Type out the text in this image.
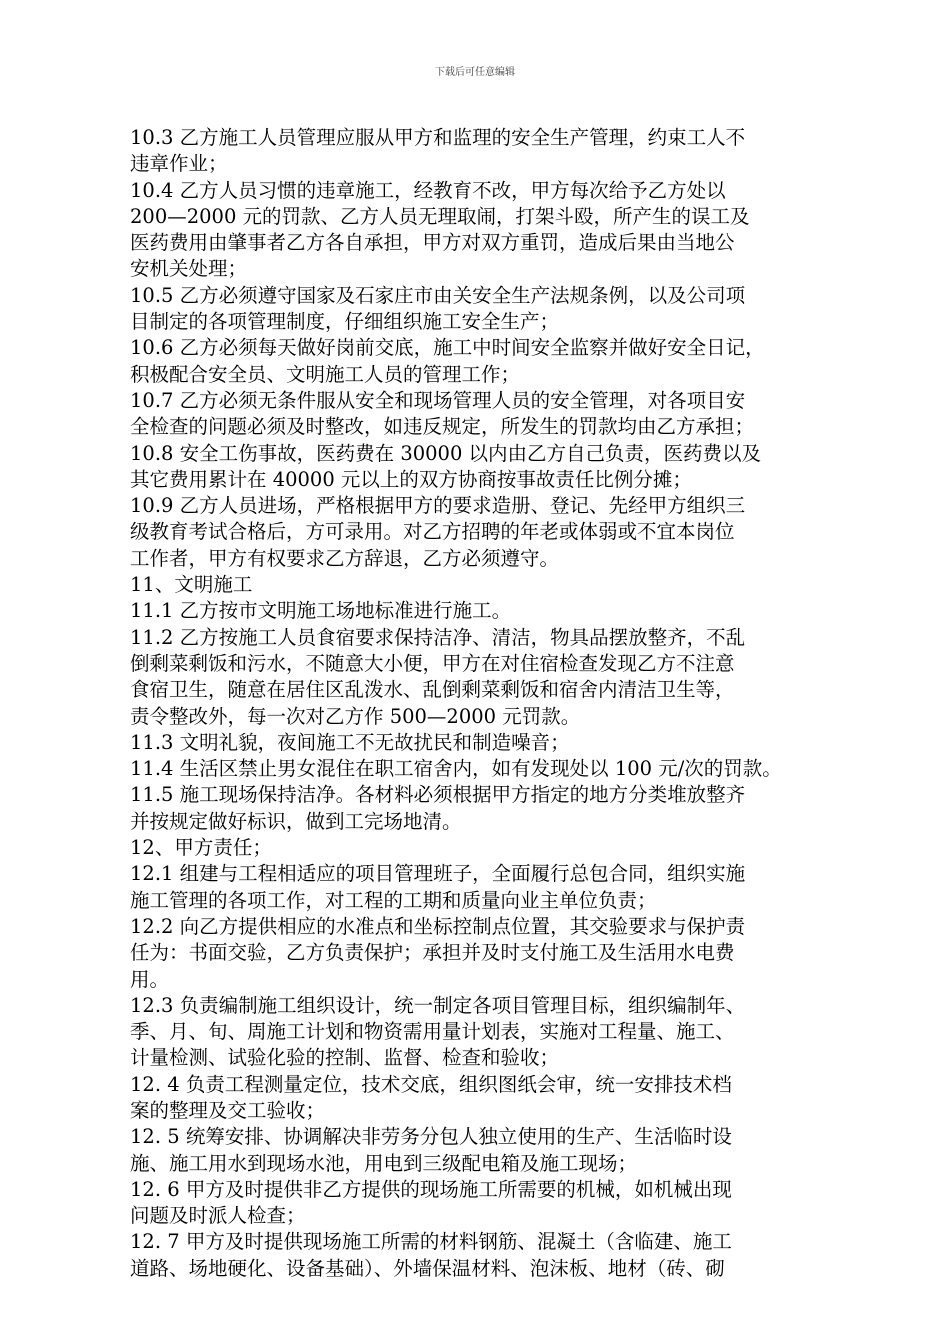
下载后可任意编辑
10.3 乙方施工人员管理应服从甲方和监理的安全生产管理，约束工人不
违章作业；
10.4 乙方人员习惯的违章施工，经教育不改，甲方每次给予乙方处以
200—2000 元的罚款、乙方人员无理取闹，打架斗殴，所产生的误工及
医药费用由肇事者乙方各自承担，甲方对双方重罚，造成后果由当地公
安机关处理；
10.5 乙方必须遵守国家及石家庄市由关安全生产法规条例，以及公司项
目制定的各项管理制度，仔细组织施工安全生产；
10.6 乙方必须每天做好岗前交底，施工中时间安全监察并做好安全日记，
积极配合安全员、文明施工人员的管理工作；
10.7 乙方必须无条件服从安全和现场管理人员的安全管理，对各项目安
全检查的问题必须及时整改，如违反规定，所发生的罚款均由乙方承担；
10.8 安全工伤事故，医药费在 30000 以内由乙方自己负责，医药费以及
其它费用累计在 40000 元以上的双方协商按事故责任比例分摊；
10.9 乙方人员进场，严格根据甲方的要求造册、登记、先经甲方组织三
级教育考试合格后，方可录用。对乙方招聘的年老或体弱或不宜本岗位
工作者，甲方有权要求乙方辞退，乙方必须遵守。
11、文明施工
11.1 乙方按市文明施工场地标准进行施工。
11.2 乙方按施工人员食宿要求保持洁净、清洁，物具品摆放整齐，不乱
倒剩菜剩饭和污水，不随意大小便，甲方在对住宿检查发现乙方不注意
食宿卫生，随意在居住区乱泼水、乱倒剩菜剩饭和宿舍内清洁卫生等，
责令整改外，每一次对乙方作 500—2000 元罚款。
11.3 文明礼貌，夜间施工不无故扰民和制造噪音；
11.4 生活区禁止男女混住在职工宿舍内，如有发现处以 100 元/次的罚款。
11.5 施工现场保持洁净。各材料必须根据甲方指定的地方分类堆放整齐
并按规定做好标识，做到工完场地清。
12、甲方责任；
12.1 组建与工程相适应的项目管理班子，全面履行总包合同，组织实施
施工管理的各项工作，对工程的工期和质量向业主单位负责；
12.2 向乙方提供相应的水准点和坐标控制点位置，其交验要求与保护责
任为：书面交验，乙方负责保护；承担并及时支付施工及生活用水电费
用。
12.3 负责编制施工组织设计，统一制定各项目管理目标，组织编制年、
季、月、旬、周施工计划和物资需用量计划表，实施对工程量、施工、
计量检测、试验化验的控制、监督、检查和验收；
12. 4 负责工程测量定位，技术交底，组织图纸会审，统一安排技术档
案的整理及交工验收；
12. 5 统筹安排、协调解决非劳务分包人独立使用的生产、生活临时设
施、施工用水到现场水池，用电到三级配电箱及施工现场；
12. 6 甲方及时提供非乙方提供的现场施工所需要的机械，如机械出现
问题及时派人检查；
12. 7 甲方及时提供现场施工所需的材料钢筋、混凝土（含临建、施工
道路、场地硬化、设备基础）、外墙保温材料、泡沫板、地材（砖、砌
